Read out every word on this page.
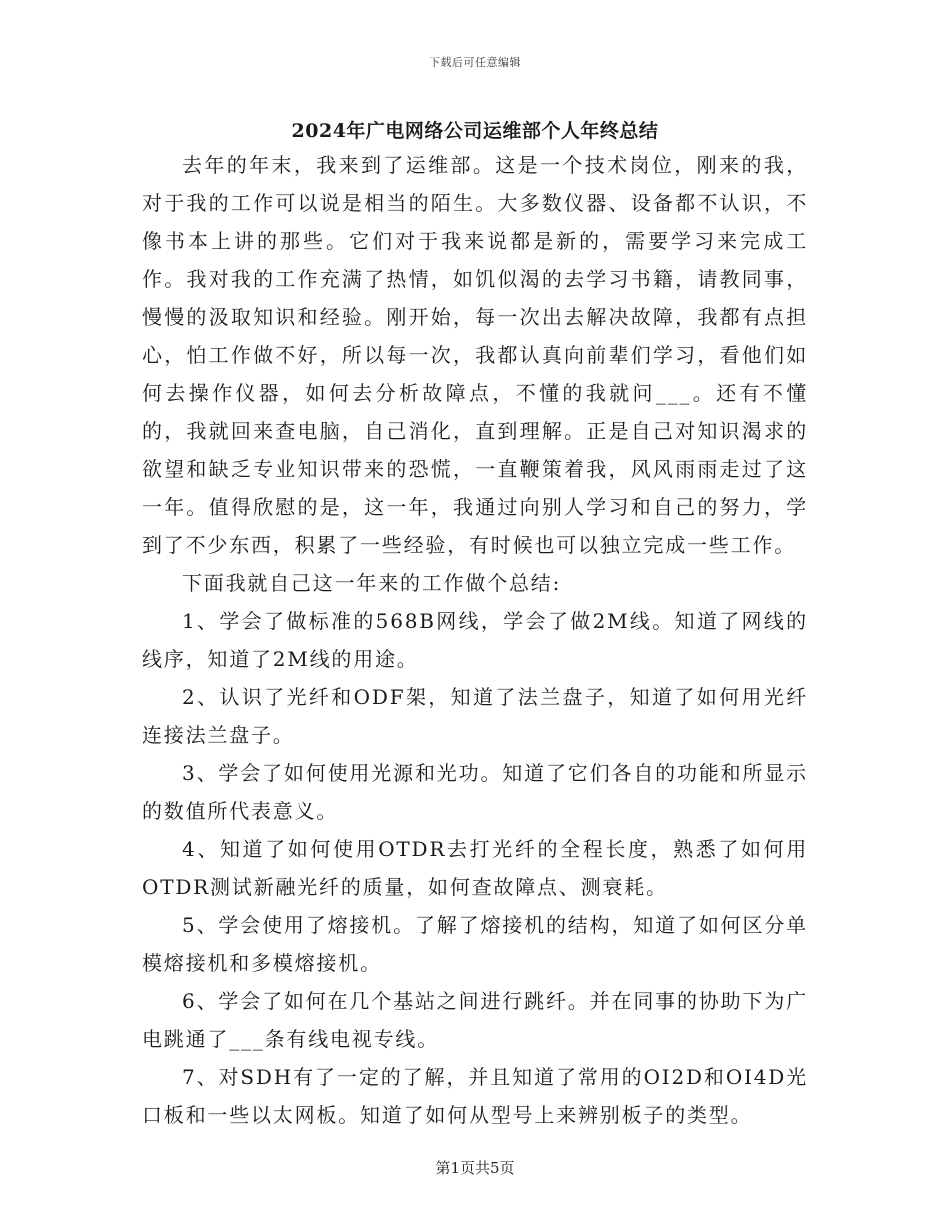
下载后可任意编辑
2024年广电网络公司运维部个人年终总结

去年的年末，我来到了运维部。这是一个技术岗位，刚来的我，对于我的工作可以说是相当的陌生。大多数仪器、设备都不认识，不像书本上讲的那些。它们对于我来说都是新的，需要学习来完成工作。我对我的工作充满了热情，如饥似渴的去学习书籍，请教同事，慢慢的汲取知识和经验。刚开始，每一次出去解决故障，我都有点担心，怕工作做不好，所以每一次，我都认真向前辈们学习，看他们如何去操作仪器，如何去分析故障点，不懂的我就问___。还有不懂的，我就回来查电脑，自己消化，直到理解。正是自己对知识渴求的欲望和缺乏专业知识带来的恐慌，一直鞭策着我，风风雨雨走过了这一年。值得欣慰的是，这一年，我通过向别人学习和自己的努力，学到了不少东西，积累了一些经验，有时候也可以独立完成一些工作。

下面我就自己这一年来的工作做个总结:

1、学会了做标准的568B网线，学会了做2M线。知道了网线的线序，知道了2M线的用途。

2、认识了光纤和ODF架，知道了法兰盘子，知道了如何用光纤连接法兰盘子。

3、学会了如何使用光源和光功。知道了它们各自的功能和所显示的数值所代表意义。

4、知道了如何使用OTDR去打光纤的全程长度，熟悉了如何用OTDR测试新融光纤的质量，如何查故障点、测衰耗。

5、学会使用了熔接机。了解了熔接机的结构，知道了如何区分单模熔接机和多模熔接机。

6、学会了如何在几个基站之间进行跳纤。并在同事的协助下为广电跳通了___条有线电视专线。

7、对SDH有了一定的了解，并且知道了常用的OI2D和OI4D光口板和一些以太网板。知道了如何从型号上来辨别板子的类型。

第1页共5页
